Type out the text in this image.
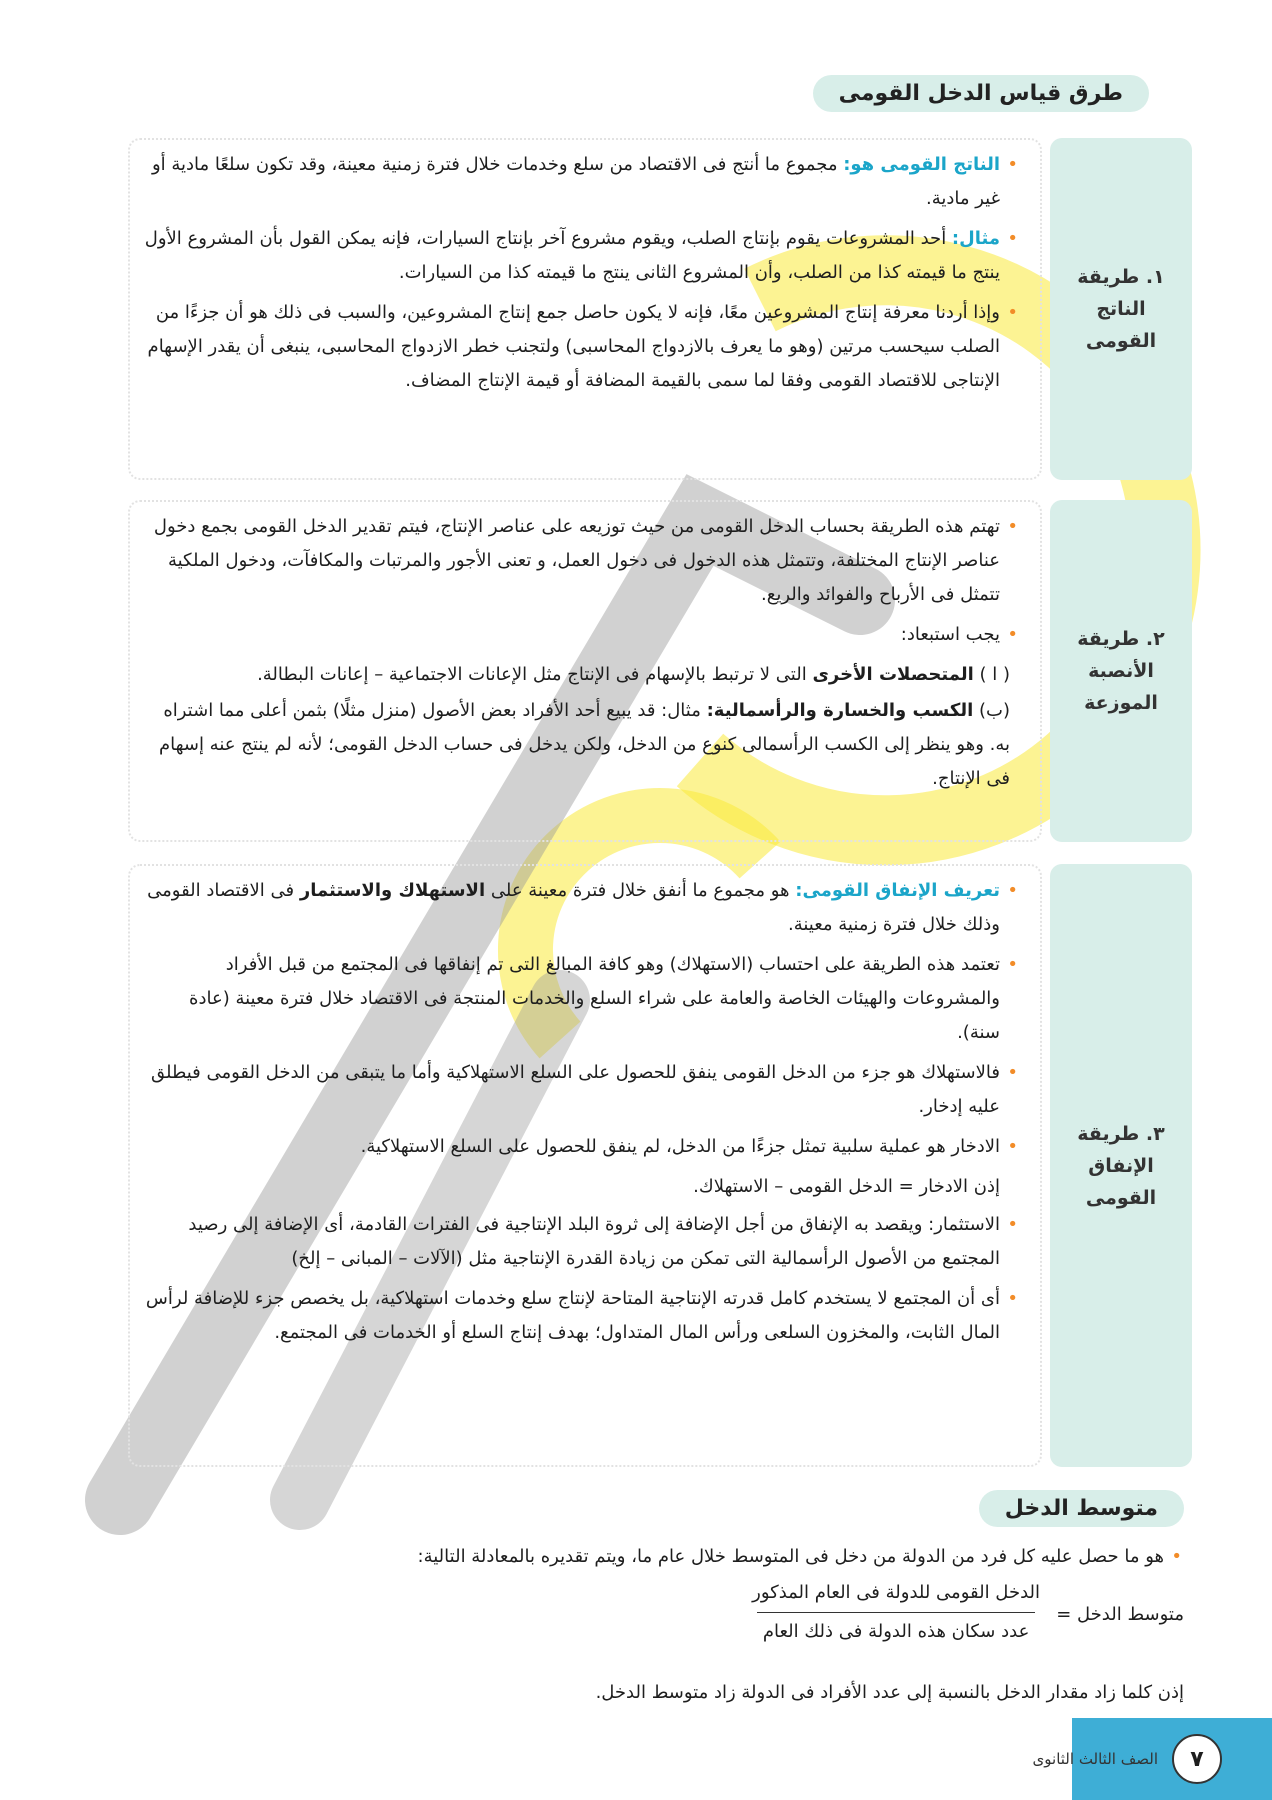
طرق قياس الدخل القومى
١. طريقة الناتج القومى
• الناتج القومى هو: مجموع ما أنتج فى الاقتصاد من سلع وخدمات خلال فترة زمنية معينة، وقد تكون سلعًا مادية أو غير مادية.
• مثال: أحد المشروعات يقوم بإنتاج الصلب، ويقوم مشروع آخر بإنتاج السيارات، فإنه يمكن القول بأن المشروع الأول ينتج ما قيمته كذا من الصلب، وأن المشروع الثانى ينتج ما قيمته كذا من السيارات.
• وإذا أردنا معرفة إنتاج المشروعين معًا، فإنه لا يكون حاصل جمع إنتاج المشروعين، والسبب فى ذلك هو أن جزءًا من الصلب سيحسب مرتين (وهو ما يعرف بالازدواج المحاسبى) ولتجنب خطر الازدواج المحاسبى، ينبغى أن يقدر الإسهام الإنتاجى للاقتصاد القومى وفقا لما سمى بالقيمة المضافة أو قيمة الإنتاج المضاف.
٢. طريقة الأنصبة الموزعة
• تهتم هذه الطريقة بحساب الدخل القومى من حيث توزيعه على عناصر الإنتاج، فيتم تقدير الدخل القومى بجمع دخول عناصر الإنتاج المختلفة، وتتمثل هذه الدخول فى دخول العمل، و تعنى الأجور والمرتبات والمكافآت، ودخول الملكية تتمثل فى الأرباح والفوائد والريع.
• يجب استبعاد:
( ا ) المتحصلات الأخرى التى لا ترتبط بالإسهام فى الإنتاج مثل الإعانات الاجتماعية – إعانات البطالة.
(ب) الكسب والخسارة والرأسمالية: مثال: قد يبيع أحد الأفراد بعض الأصول (منزل مثلًا) بثمن أعلى مما اشتراه به. وهو ينظر إلى الكسب الرأسمالى كنوع من الدخل، ولكن يدخل فى حساب الدخل القومى؛ لأنه لم ينتج عنه إسهام فى الإنتاج.
٣. طريقة الإنفاق القومى
• تعريف الإنفاق القومى: هو مجموع ما أنفق خلال فترة معينة على الاستهلاك والاستثمار فى الاقتصاد القومى وذلك خلال فترة زمنية معينة.
• تعتمد هذه الطريقة على احتساب (الاستهلاك) وهو كافة المبالغ التى تم إنفاقها فى المجتمع من قبل الأفراد والمشروعات والهيئات الخاصة والعامة على شراء السلع والخدمات المنتجة فى الاقتصاد خلال فترة معينة (عادة سنة).
• فالاستهلاك هو جزء من الدخل القومى ينفق للحصول على السلع الاستهلاكية وأما ما يتبقى من الدخل القومى فيطلق عليه إدخار.
• الادخار هو عملية سلبية تمثل جزءًا من الدخل، لم ينفق للحصول على السلع الاستهلاكية.
إذن الادخار = الدخل القومى – الاستهلاك.
• الاستثمار: ويقصد به الإنفاق من أجل الإضافة إلى ثروة البلد الإنتاجية فى الفترات القادمة، أى الإضافة إلى رصيد المجتمع من الأصول الرأسمالية التى تمكن من زيادة القدرة الإنتاجية مثل (الآلات – المبانى – إلخ)
• أى أن المجتمع لا يستخدم كامل قدرته الإنتاجية المتاحة لإنتاج سلع وخدمات استهلاكية، بل يخصص جزء للإضافة لرأس المال الثابت، والمخزون السلعى ورأس المال المتداول؛ بهدف إنتاج السلع أو الخدمات فى المجتمع.
متوسط الدخل
• هو ما حصل عليه كل فرد من الدولة من دخل فى المتوسط خلال عام ما، ويتم تقديره بالمعادلة التالية:
متوسط الدخل =
الدخل القومى للدولة فى العام المذكور
عدد سكان هذه الدولة فى ذلك العام
إذن كلما زاد مقدار الدخل بالنسبة إلى عدد الأفراد فى الدولة زاد متوسط الدخل.
٧
الصف الثالث الثانوى
